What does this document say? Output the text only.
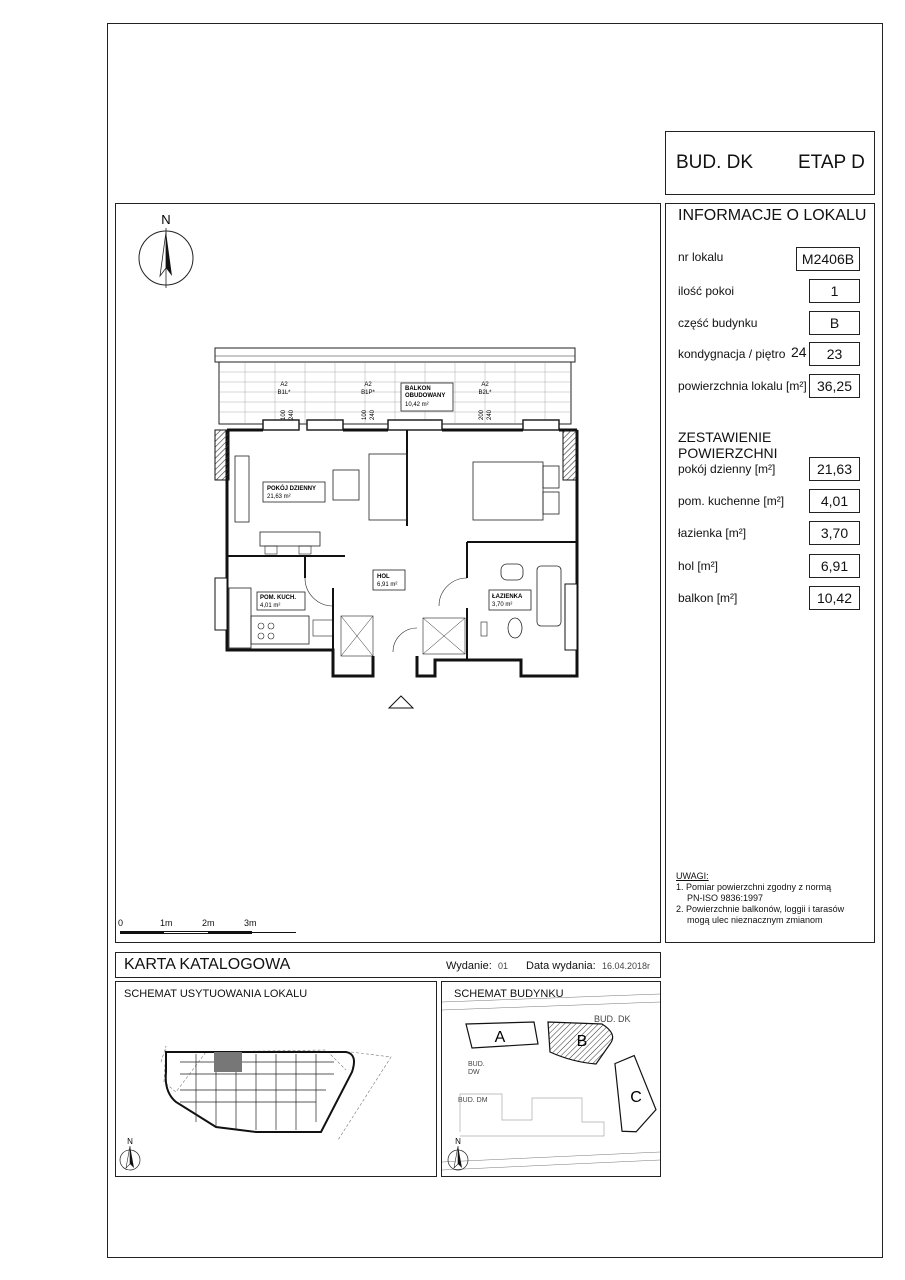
BUD. DK ETAP D
INFORMACJE O LOKALU
nr lokalu	M2406B
ilość pokoi	1
część budynku	B
kondygnacja / piętro 24	23
powierzchnia lokalu [m²] 36,25
ZESTAWIENIE POWIERZCHNI
pokój dzienny [m²]	21,63
pom. kuchenne [m²]	4,01
łazienka [m²]	3,70
hol [m²]	6,91
balkon [m²]	10,42
UWAGI:
1. Pomiar powierzchni zgodny z normą
PN-ISO 9836:1997
2. Powierzchnie balkonów, loggii i tarasów
mogą ulec nieznacznym zmianom
N
BALKON
OBUDOWANY
10,42 m²
A2
B1L*
100 240
A2
B1P*
100 240
A2
B2L*
200 240
POKÓJ DZIENNY
21,63 m²
POM. KUCH.
4,01 m²
HOL
6,91 m²
ŁAZIENKA
3,70 m²
0	1m	2m	3m
KARTA KATALOGOWA	Wydanie: 01 Data wydania: 16.04.2018r
SCHEMAT USYTUOWANIA LOKALU
N
SCHEMAT BUDYNKU
A	B
C
BUD. DK
BUD.
DW
BUD. DM
N
